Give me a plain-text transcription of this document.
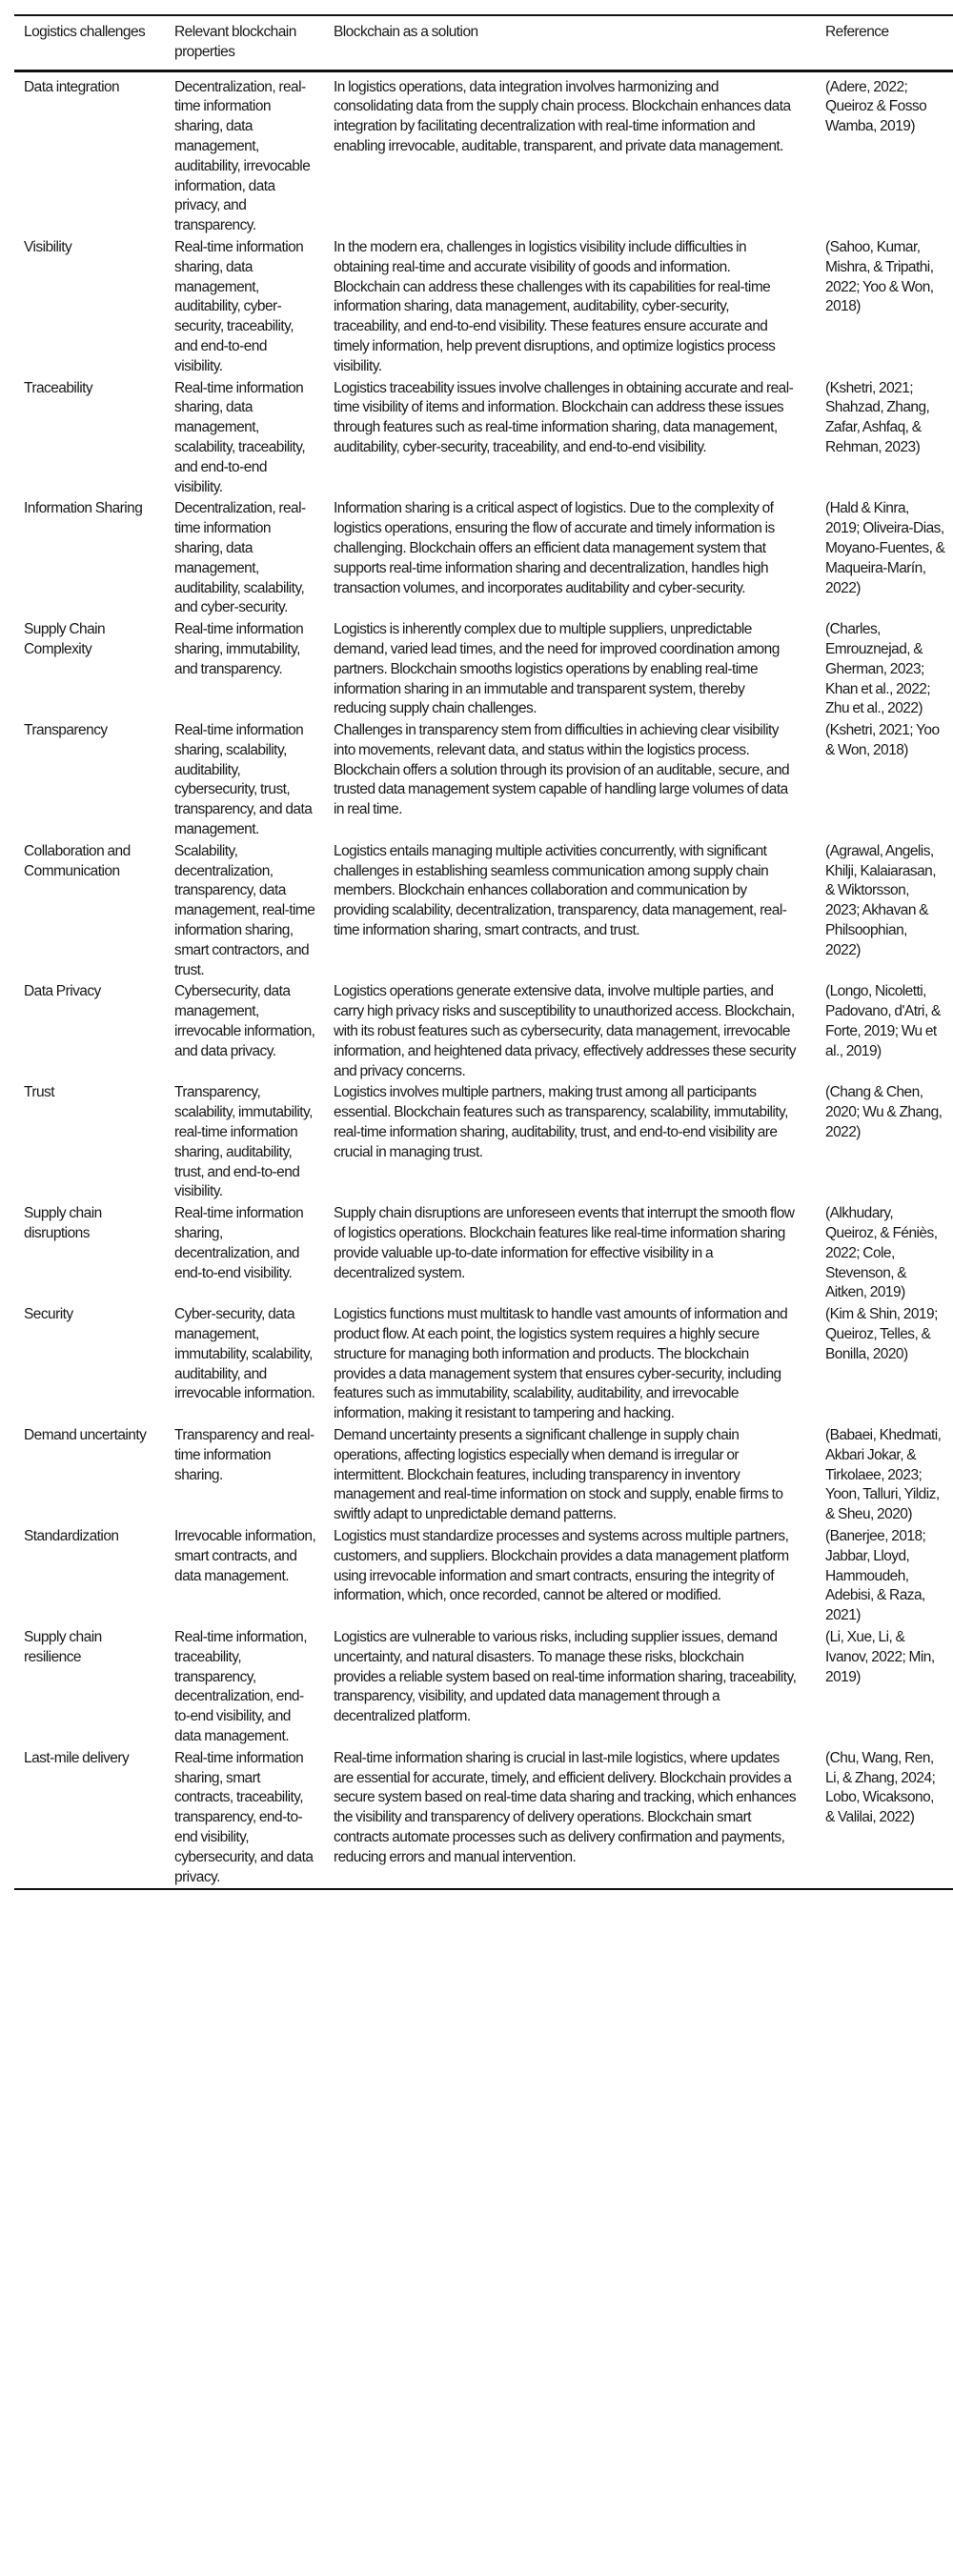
Logistics challenges	Relevant blockchain properties	Blockchain as a solution	Reference
Data integration	Decentralization, real-time information sharing, data management, auditability, irrevocable information, data privacy, and transparency.	In logistics operations, data integration involves harmonizing and consolidating data from the supply chain process. Blockchain enhances data integration by facilitating decentralization with real-time information and enabling irrevocable, auditable, transparent, and private data management.	(Adere, 2022; Queiroz & Fosso Wamba, 2019)
Visibility	Real-time information sharing, data management, auditability, cyber-security, traceability, and end-to-end visibility.	In the modern era, challenges in logistics visibility include difficulties in obtaining real-time and accurate visibility of goods and information. Blockchain can address these challenges with its capabilities for real-time information sharing, data management, auditability, cyber-security, traceability, and end-to-end visibility. These features ensure accurate and timely information, help prevent disruptions, and optimize logistics process visibility.	(Sahoo, Kumar, Mishra, & Tripathi, 2022; Yoo & Won, 2018)
Traceability	Real-time information sharing, data management, scalability, traceability, and end-to-end visibility.	Logistics traceability issues involve challenges in obtaining accurate and real-time visibility of items and information. Blockchain can address these issues through features such as real-time information sharing, data management, auditability, cyber-security, traceability, and end-to-end visibility.	(Kshetri, 2021; Shahzad, Zhang, Zafar, Ashfaq, & Rehman, 2023)
Information Sharing	Decentralization, real-time information sharing, data management, auditability, scalability, and cyber-security.	Information sharing is a critical aspect of logistics. Due to the complexity of logistics operations, ensuring the flow of accurate and timely information is challenging. Blockchain offers an efficient data management system that supports real-time information sharing and decentralization, handles high transaction volumes, and incorporates auditability and cyber-security.	(Hald & Kinra, 2019; Oliveira-Dias, Moyano-Fuentes, & Maqueira-Marín, 2022)
Supply Chain Complexity	Real-time information sharing, immutability, and transparency.	Logistics is inherently complex due to multiple suppliers, unpredictable demand, varied lead times, and the need for improved coordination among partners. Blockchain smooths logistics operations by enabling real-time information sharing in an immutable and transparent system, thereby reducing supply chain challenges.	(Charles, Emrouznejad, & Gherman, 2023; Khan et al., 2022; Zhu et al., 2022)
Transparency	Real-time information sharing, scalability, auditability, cybersecurity, trust, transparency, and data management.	Challenges in transparency stem from difficulties in achieving clear visibility into movements, relevant data, and status within the logistics process. Blockchain offers a solution through its provision of an auditable, secure, and trusted data management system capable of handling large volumes of data in real time.	(Kshetri, 2021; Yoo & Won, 2018)
Collaboration and Communication	Scalability, decentralization, transparency, data management, real-time information sharing, smart contractors, and trust.	Logistics entails managing multiple activities concurrently, with significant challenges in establishing seamless communication among supply chain members. Blockchain enhances collaboration and communication by providing scalability, decentralization, transparency, data management, real-time information sharing, smart contracts, and trust.	(Agrawal, Angelis, Khilji, Kalaiarasan, & Wiktorsson, 2023; Akhavan & Philsoophian, 2022)
Data Privacy	Cybersecurity, data management, irrevocable information, and data privacy.	Logistics operations generate extensive data, involve multiple parties, and carry high privacy risks and susceptibility to unauthorized access. Blockchain, with its robust features such as cybersecurity, data management, irrevocable information, and heightened data privacy, effectively addresses these security and privacy concerns.	(Longo, Nicoletti, Padovano, d'Atri, & Forte, 2019; Wu et al., 2019)
Trust	Transparency, scalability, immutability, real-time information sharing, auditability, trust, and end-to-end visibility.	Logistics involves multiple partners, making trust among all participants essential. Blockchain features such as transparency, scalability, immutability, real-time information sharing, auditability, trust, and end-to-end visibility are crucial in managing trust.	(Chang & Chen, 2020; Wu & Zhang, 2022)
Supply chain disruptions	Real-time information sharing, decentralization, and end-to-end visibility.	Supply chain disruptions are unforeseen events that interrupt the smooth flow of logistics operations. Blockchain features like real-time information sharing provide valuable up-to-date information for effective visibility in a decentralized system.	(Alkhudary, Queiroz, & Féniès, 2022; Cole, Stevenson, & Aitken, 2019)
Security	Cyber-security, data management, immutability, scalability, auditability, and irrevocable information.	Logistics functions must multitask to handle vast amounts of information and product flow. At each point, the logistics system requires a highly secure structure for managing both information and products. The blockchain provides a data management system that ensures cyber-security, including features such as immutability, scalability, auditability, and irrevocable information, making it resistant to tampering and hacking.	(Kim & Shin, 2019; Queiroz, Telles, & Bonilla, 2020)
Demand uncertainty	Transparency and real-time information sharing.	Demand uncertainty presents a significant challenge in supply chain operations, affecting logistics especially when demand is irregular or intermittent. Blockchain features, including transparency in inventory management and real-time information on stock and supply, enable firms to swiftly adapt to unpredictable demand patterns.	(Babaei, Khedmati, Akbari Jokar, & Tirkolaee, 2023; Yoon, Talluri, Yildiz, & Sheu, 2020)
Standardization	Irrevocable information, smart contracts, and data management.	Logistics must standardize processes and systems across multiple partners, customers, and suppliers. Blockchain provides a data management platform using irrevocable information and smart contracts, ensuring the integrity of information, which, once recorded, cannot be altered or modified.	(Banerjee, 2018; Jabbar, Lloyd, Hammoudeh, Adebisi, & Raza, 2021)
Supply chain resilience	Real-time information, traceability, transparency, decentralization, end-to-end visibility, and data management.	Logistics are vulnerable to various risks, including supplier issues, demand uncertainty, and natural disasters. To manage these risks, blockchain provides a reliable system based on real-time information sharing, traceability, transparency, visibility, and updated data management through a decentralized platform.	(Li, Xue, Li, & Ivanov, 2022; Min, 2019)
Last-mile delivery	Real-time information sharing, smart contracts, traceability, transparency, end-to-end visibility, cybersecurity, and data privacy.	Real-time information sharing is crucial in last-mile logistics, where updates are essential for accurate, timely, and efficient delivery. Blockchain provides a secure system based on real-time data sharing and tracking, which enhances the visibility and transparency of delivery operations. Blockchain smart contracts automate processes such as delivery confirmation and payments, reducing errors and manual intervention.	(Chu, Wang, Ren, Li, & Zhang, 2024; Lobo, Wicaksono, & Valilai, 2022)
